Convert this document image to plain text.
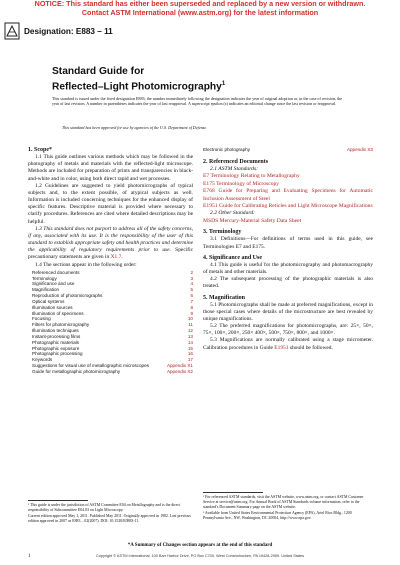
NOTICE: This standard has either been superseded and replaced by a new version or withdrawn.
Contact ASTM International (www.astm.org) for the latest information
Designation: E883 – 11
Standard Guide for
Reflected–Light Photomicrography$^1$
This standard is issued under the fixed designation E883; the number immediately following the designation indicates the year of original adoption or, in the case of revision, the year of last revision. A number in parentheses indicates the year of last reapproval. A superscript epsilon (ε) indicates an editorial change since the last revision or reapproval.
This standard has been approved for use by agencies of the U.S. Department of Defense.

1. Scope*

1.1 This guide outlines various methods which may be followed in the photography of metals and materials with the reflected-light microscope. Methods are included for preparation of prints and transparencies in black-and-white and in color, using both direct rapid and wet processes.

1.2 Guidelines are suggested to yield photomicrographs of typical subjects and, to the extent possible, of atypical subjects as well. Information is included concerning techniques for the enhanced display of specific features. Descriptive material is provided where necessary to clarify procedures. References are cited where detailed descriptions may be helpful.

1.3 This standard does not purport to address all of the safety concerns, if any, associated with its use. It is the responsibility of the user of this standard to establish appropriate safety and health practices and determine the applicability of regulatory requirements prior to use. Specific precautionary statements are given in X1.7.

1.4 The sections appear in the following order:

Referenced documents	2
Terminology	3
Significance and use	4
Magnification	5
Reproduction of photomicrographs	6
Optical systems	7
Illumination sources	8
Illumination of specimens	9
Focusing	10
Filters for photomicrography	11
Illumination techniques	12
Instant-processing films	13
Photographic materials	14
Photographic exposure	15
Photographic processing	16
Keywords	17
Suggestions for visual use of metallographic microscopes	Appendix X1
Guide for metallographic photomicrography	Appendix X2
¹ This guide is under the jurisdiction of ASTM Committee E04 on Metallography and is the direct responsibility of Subcommittee E04.03 on Light Microscopy.
Current edition approved May 1, 2011. Published May 2011. Originally approved in 1982. Last previous edition approved in 2007 as E883 – 02(2007). DOI: 10.1520/E0883-11.
Electronic photography	Appendix X3

2. Referenced Documents

2.1 ASTM Standards:
E7 Terminology Relating to Metallography
E175 Terminology of Microscopy
E768 Guide for Preparing and Evaluating Specimens for Automatic Inclusion Assessment of Steel
E1951 Guide for Calibrating Reticles and Light Microscope Magnifications
2.2 Other Standard:
MSDS Mercury-Material Safety Data Sheet

3. Terminology

3.1 Definitions—For definitions of terms used in this guide, see Terminologies E7 and E175.

4. Significance and Use

4.1 This guide is useful for the photomicrography and photomacrography of metals and other materials.

4.2 The subsequent processing of the photographic materials is also treated.

5. Magnification

5.1 Photomicrographs shall be made at preferred magnifications, except in those special cases where details of the microstructure are best revealed by unique magnifications.

5.2 The preferred magnifications for photomicrographs, are: 25×, 50×, 75×, 100×, 200×, 250× 400×, 500×, 750×, 800×, and 1000×.

5.3 Magnifications are normally calibrated using a stage micrometer. Calibration procedures in Guide E1951 should be followed.

² For referenced ASTM standards, visit the ASTM website, www.astm.org, or contact ASTM Customer Service at service@astm.org. For Annual Book of ASTM Standards volume information, refer to the standard's Document Summary page on the ASTM website.
³ Available from United States Environmental Protection Agency (EPA), Ariel Rios Bldg., 1200 Pennsylvania Ave., NW, Washington, DC 20004, http://www.epa.gov.
*A Summary of Changes section appears at the end of this standard
1	Copyright © ASTM International, 100 Barr Harbor Drive, PO Box C700, West Conshohocken, PA 19428-2959. United States
